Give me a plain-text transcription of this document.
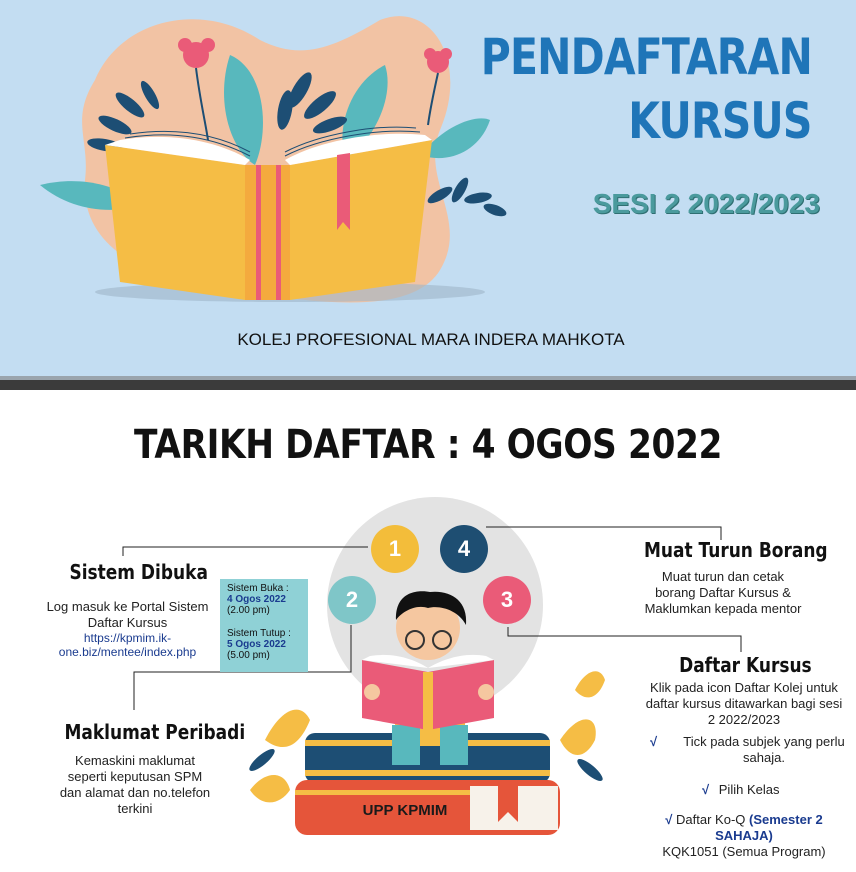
PENDAFTARAN
KURSUS
SESI 2 2022/2023
KOLEJ PROFESIONAL MARA INDERA MAHKOTA
TARIKH DAFTAR : 4 OGOS 2022
1
2	3
4
UPP KPMIM
Sistem Dibuka
Log masuk ke Portal Sistem
Daftar Kursus
https://kpmim.ik-
one.biz/mentee/index.php
Sistem Buka :
4 Ogos 2022
(2.00 pm)
Sistem Tutup :
5 Ogos 2022
(5.00 pm)
Maklumat Peribadi
Kemaskini maklumat
seperti keputusan SPM
dan alamat dan no.telefon
terkini
Muat Turun Borang
Muat turun dan cetak
borang Daftar Kursus &
Maklumkan kepada mentor
Daftar Kursus
Klik pada icon Daftar Kolej untuk
daftar kursus ditawarkan bagi sesi
2 2022/2023
√	Tick pada subjek yang perlu
sahaja.
√ Pilih Kelas
√ Daftar Ko-Q (Semester 2
SAHAJA)
KQK1051 (Semua Program)
